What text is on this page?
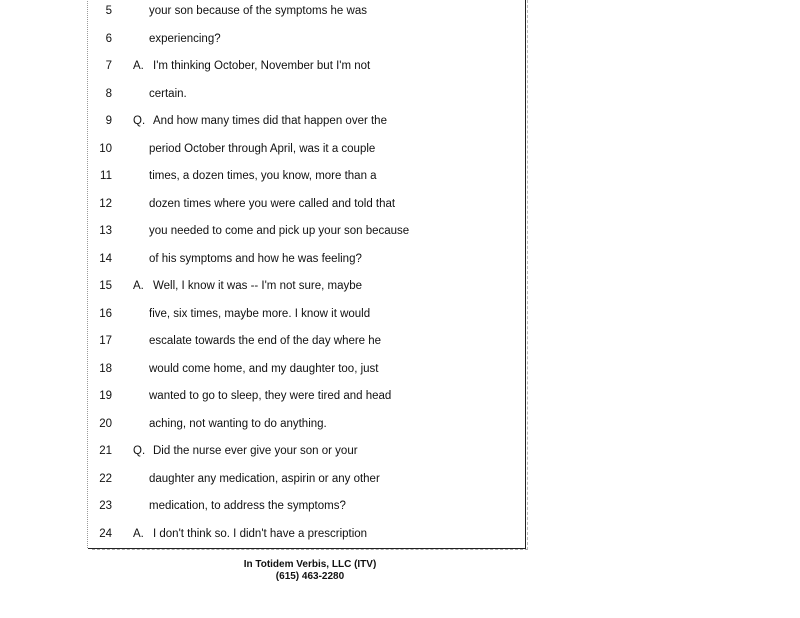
5	your son because of the symptoms he was
6	experiencing?
7 A. I'm thinking October, November but I'm not
8	certain.
9 Q. And how many times did that happen over the
10	period October through April, was it a couple
11	times, a dozen times, you know, more than a
12	dozen times where you were called and told that
13	you needed to come and pick up your son because
14	of his symptoms and how he was feeling?
15 A. Well, I know it was -- I'm not sure, maybe
16	five, six times, maybe more. I know it would
17	escalate towards the end of the day where he
18	would come home, and my daughter too, just
19	wanted to go to sleep, they were tired and head
20	aching, not wanting to do anything.
21 Q. Did the nurse ever give your son or your
22	daughter any medication, aspirin or any other
23	medication, to address the symptoms?
24 A. I don't think so. I didn't have a prescription
In Totidem Verbis, LLC (ITV)
(615) 463-2280
